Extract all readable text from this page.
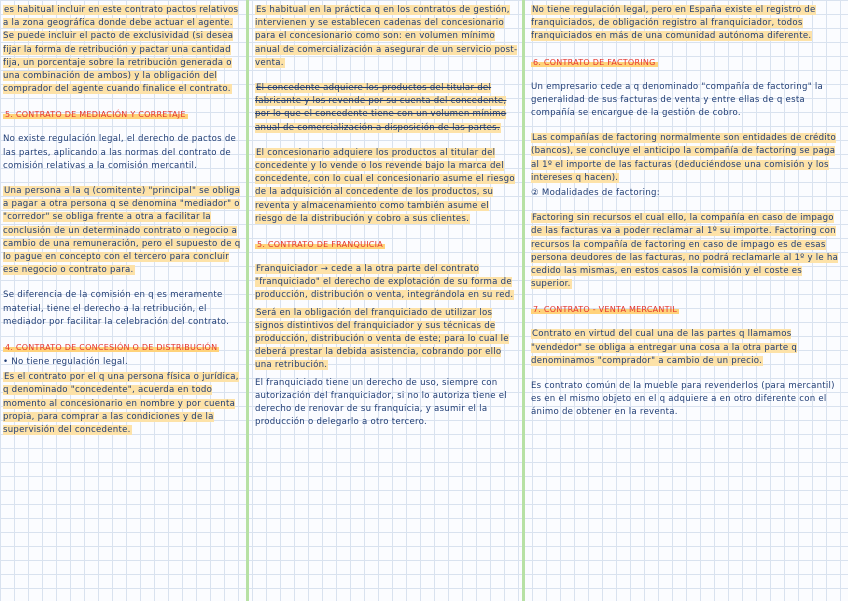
es habitual incluir en este contrato pactos relativos a la zona geográfica donde debe actuar el agente. Se puede incluir el pacto de exclusividad (si desea fijar la forma de retribución y pactar una cantidad fija, un porcentaje sobre la retribución generada o una combinación de ambos) y la obligación del comprador del agente cuando finalice el contrato.

5. CONTRATO DE MEDIACIÓN Y CORRETAJE

No existe regulación legal, el derecho de pactos de las partes, aplicando a las normas del contrato de comisión relativas a la comisión mercantil.

Una persona a la q (comitente) "principal" se obliga a pagar a otra persona q se denomina "mediador" o "corredor" se obliga frente a otra a facilitar la conclusión de un determinado contrato o negocio a cambio de una remuneración, pero el supuesto de q lo pague en concepto con el tercero para concluir ese negocio o contrato para.

Se diferencia de la comisión en q es meramente material, tiene el derecho a la retribución, el mediador por facilitar la celebración del contrato.

4. CONTRATO DE CONCESIÓN O DE DISTRIBUCIÓN

• No tiene regulación legal.

Es el contrato por el q una persona física o jurídica, q denominado "concedente", acuerda en todo momento al concesionario en nombre y por cuenta propia, para comprar a las condiciones y de la supervisión del concedente.

Es habitual en la práctica q en los contratos de gestión, intervienen y se establecen cadenas del concesionario para el concesionario como son: en volumen mínimo anual de comercialización a asegurar de un servicio post-venta.

El concedente adquiere los productos del titular del fabricante y los revende por su cuenta del concedente, por lo que el concedente tiene con un volumen mínimo anual de comercialización a disposición de las partes.

El concesionario adquiere los productos al titular del concedente y lo vende o los revende bajo la marca del concedente, con lo cual el concesionario asume el riesgo de la adquisición al concedente de los productos, su reventa y almacenamiento como también asume el riesgo de la distribución y cobro a sus clientes.

5. CONTRATO DE FRANQUICIA

Franquiciador → cede a la otra parte del contrato "franquiciado" el derecho de explotación de su forma de producción, distribución o venta, integrándola en su red.

Será en la obligación del franquiciado de utilizar los signos distintivos del franquiciador y sus técnicas de producción, distribución o venta de este; para lo cual le deberá prestar la debida asistencia, cobrando por ello una retribución.

El franquiciado tiene un derecho de uso, siempre con autorización del franquiciador, si no lo autoriza tiene el derecho de renovar de su franquicia, y asumir el la producción o delegarlo a otro tercero.

No tiene regulación legal, pero en España existe el registro de franquiciados, de obligación registro al franquiciador, todos franquiciados en más de una comunidad autónoma diferente.

6. CONTRATO DE FACTORING

Un empresario cede a q denominado "compañía de factoring" la generalidad de sus facturas de venta y entre ellas de q esta compañía se encargue de la gestión de cobro.

Las compañías de factoring normalmente son entidades de crédito (bancos), se concluye el anticipo la compañía de factoring se paga al 1º el importe de las facturas (deduciéndose una comisión y los intereses q hacen).

② Modalidades de factoring:

Factoring sin recursos el cual ello, la compañía en caso de impago de las facturas va a poder reclamar al 1º su importe. Factoring con recursos la compañía de factoring en caso de impago es de esas persona deudores de las facturas, no podrá reclamarle al 1º y le ha cedido las mismas, en estos casos la comisión y el coste es superior.

7. CONTRATO - VENTA MERCANTIL

Contrato en virtud del cual una de las partes q llamamos "vendedor" se obliga a entregar una cosa a la otra parte q denominamos "comprador" a cambio de un precio.

Es contrato común de la mueble para revenderlos (para mercantil) es en el mismo objeto en el q adquiere a en otro diferente con el ánimo de obtener en la reventa.
